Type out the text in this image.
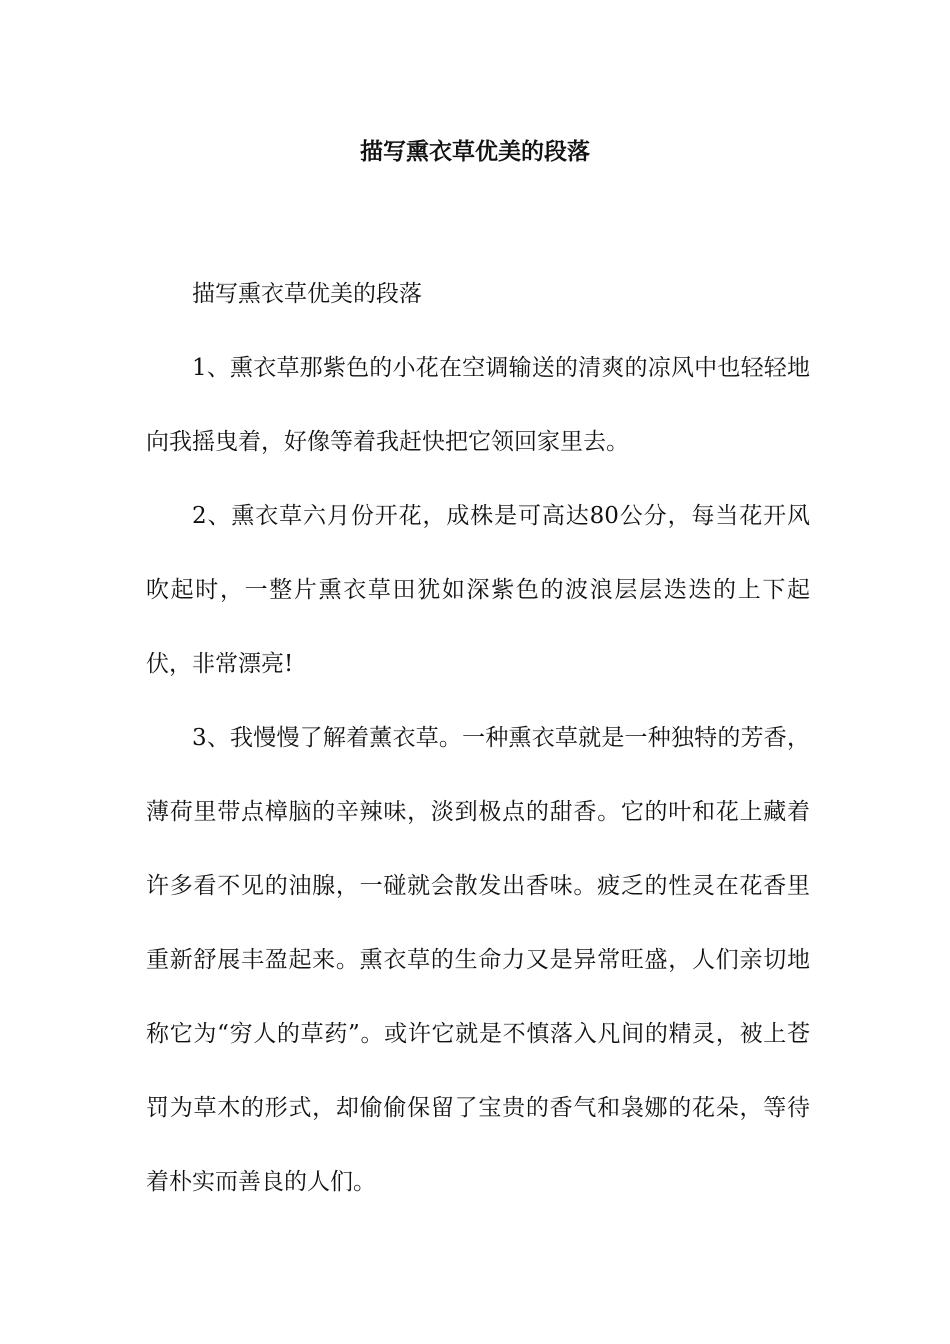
描写熏衣草优美的段落

描写熏衣草优美的段落

1、熏衣草那紫色的小花在空调输送的清爽的凉风中也轻轻地向我摇曳着，好像等着我赶快把它领回家里去。

2、熏衣草六月份开花，成株是可高达80公分，每当花开风吹起时，一整片熏衣草田犹如深紫色的波浪层层迭迭的上下起伏，非常漂亮!

3、我慢慢了解着薰衣草。一种熏衣草就是一种独特的芳香，薄荷里带点樟脑的辛辣味，淡到极点的甜香。它的叶和花上藏着许多看不见的油腺，一碰就会散发出香味。疲乏的性灵在花香里重新舒展丰盈起来。熏衣草的生命力又是异常旺盛，人们亲切地称它为“穷人的草药”。或许它就是不慎落入凡间的精灵，被上苍罚为草木的形式，却偷偷保留了宝贵的香气和袅娜的花朵，等待着朴实而善良的人们。
